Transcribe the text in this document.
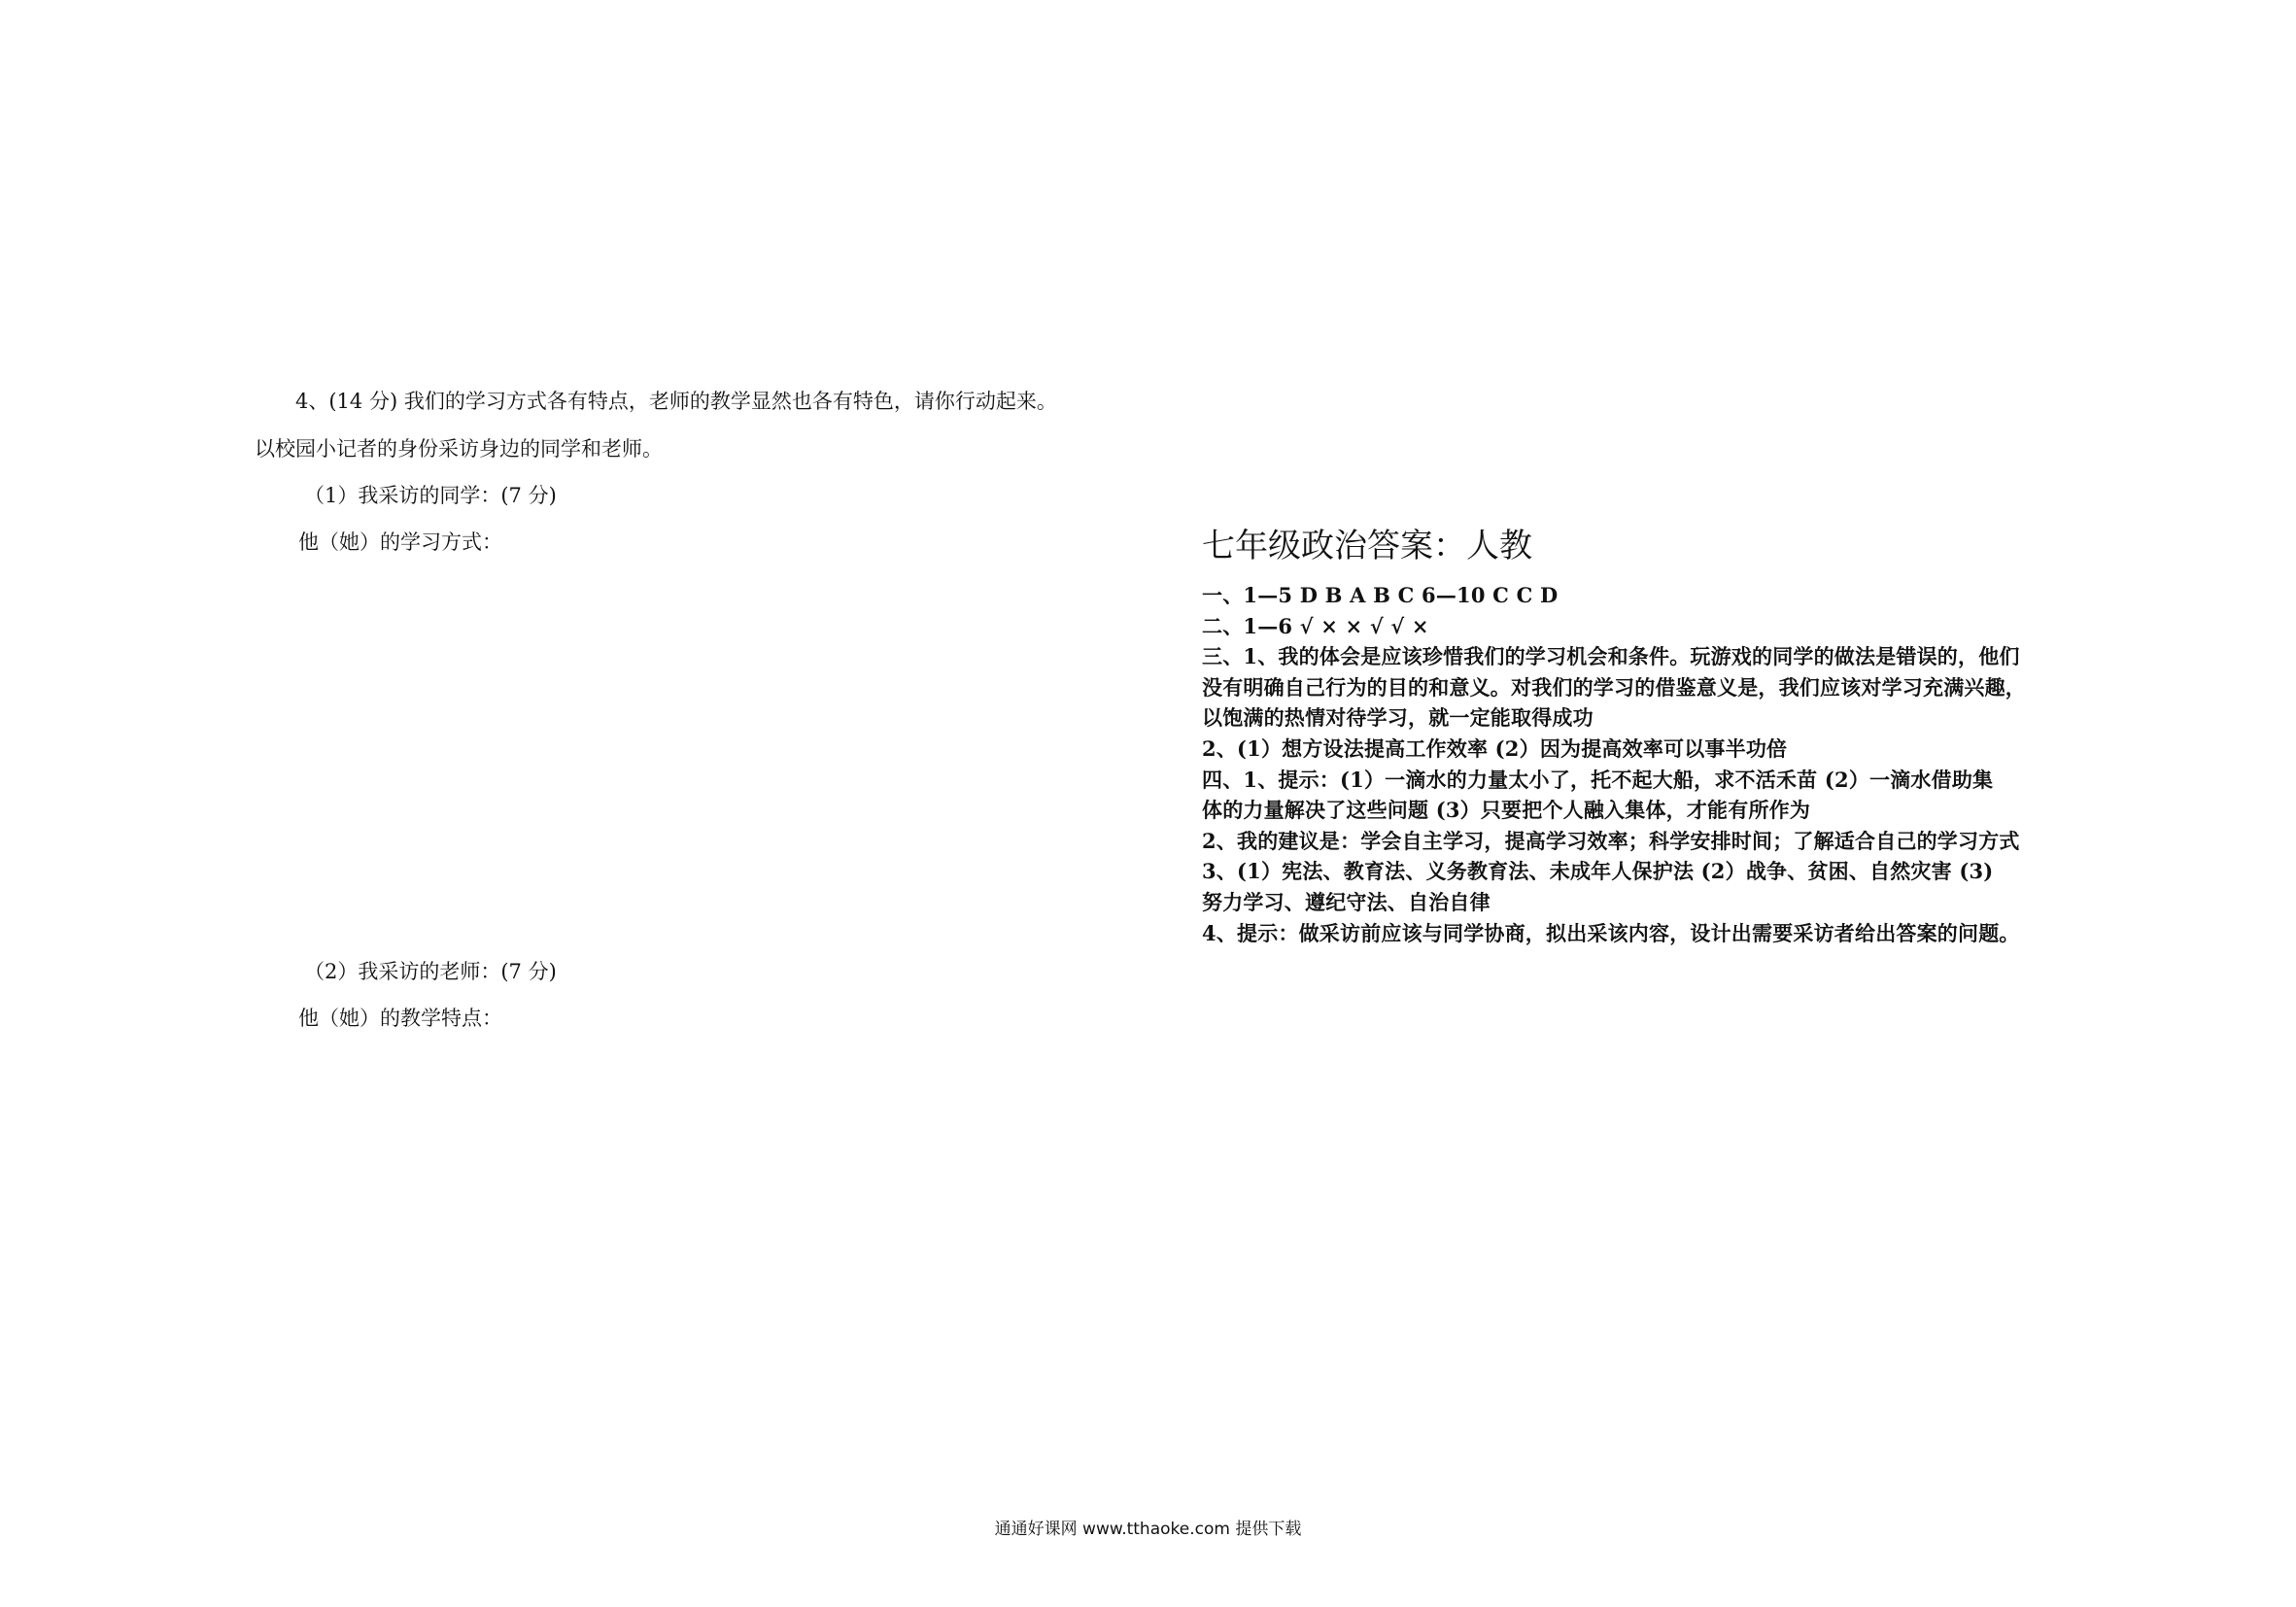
4、(14 分) 我们的学习方式各有特点，老师的教学显然也各有特色，请你行动起来。
以校园小记者的身份采访身边的同学和老师。
（1）我采访的同学：(7 分)
他（她）的学习方式：
（2）我采访的老师：(7 分)
他（她）的教学特点：
七年级政治答案：人教
一、1—5 D B A B C 6—10 C C D
二、1—6 √ × × √ √ ×
三、1、我的体会是应该珍惜我们的学习机会和条件。玩游戏的同学的做法是错误的，他们
没有明确自己行为的目的和意义。对我们的学习的借鉴意义是，我们应该对学习充满兴趣，
以饱满的热情对待学习，就一定能取得成功
2、(1）想方设法提高工作效率 (2）因为提高效率可以事半功倍
四、1、提示：(1）一滴水的力量太小了，托不起大船，求不活禾苗 (2）一滴水借助集
体的力量解决了这些问题 (3）只要把个人融入集体，才能有所作为
2、我的建议是：学会自主学习，提高学习效率；科学安排时间；了解适合自己的学习方式
3、(1）宪法、教育法、义务教育法、未成年人保护法 (2）战争、贫困、自然灾害 (3)
努力学习、遵纪守法、自治自律
4、提示：做采访前应该与同学协商，拟出采该内容，设计出需要采访者给出答案的问题。
通通好课网 www.tthaoke.com 提供下载
